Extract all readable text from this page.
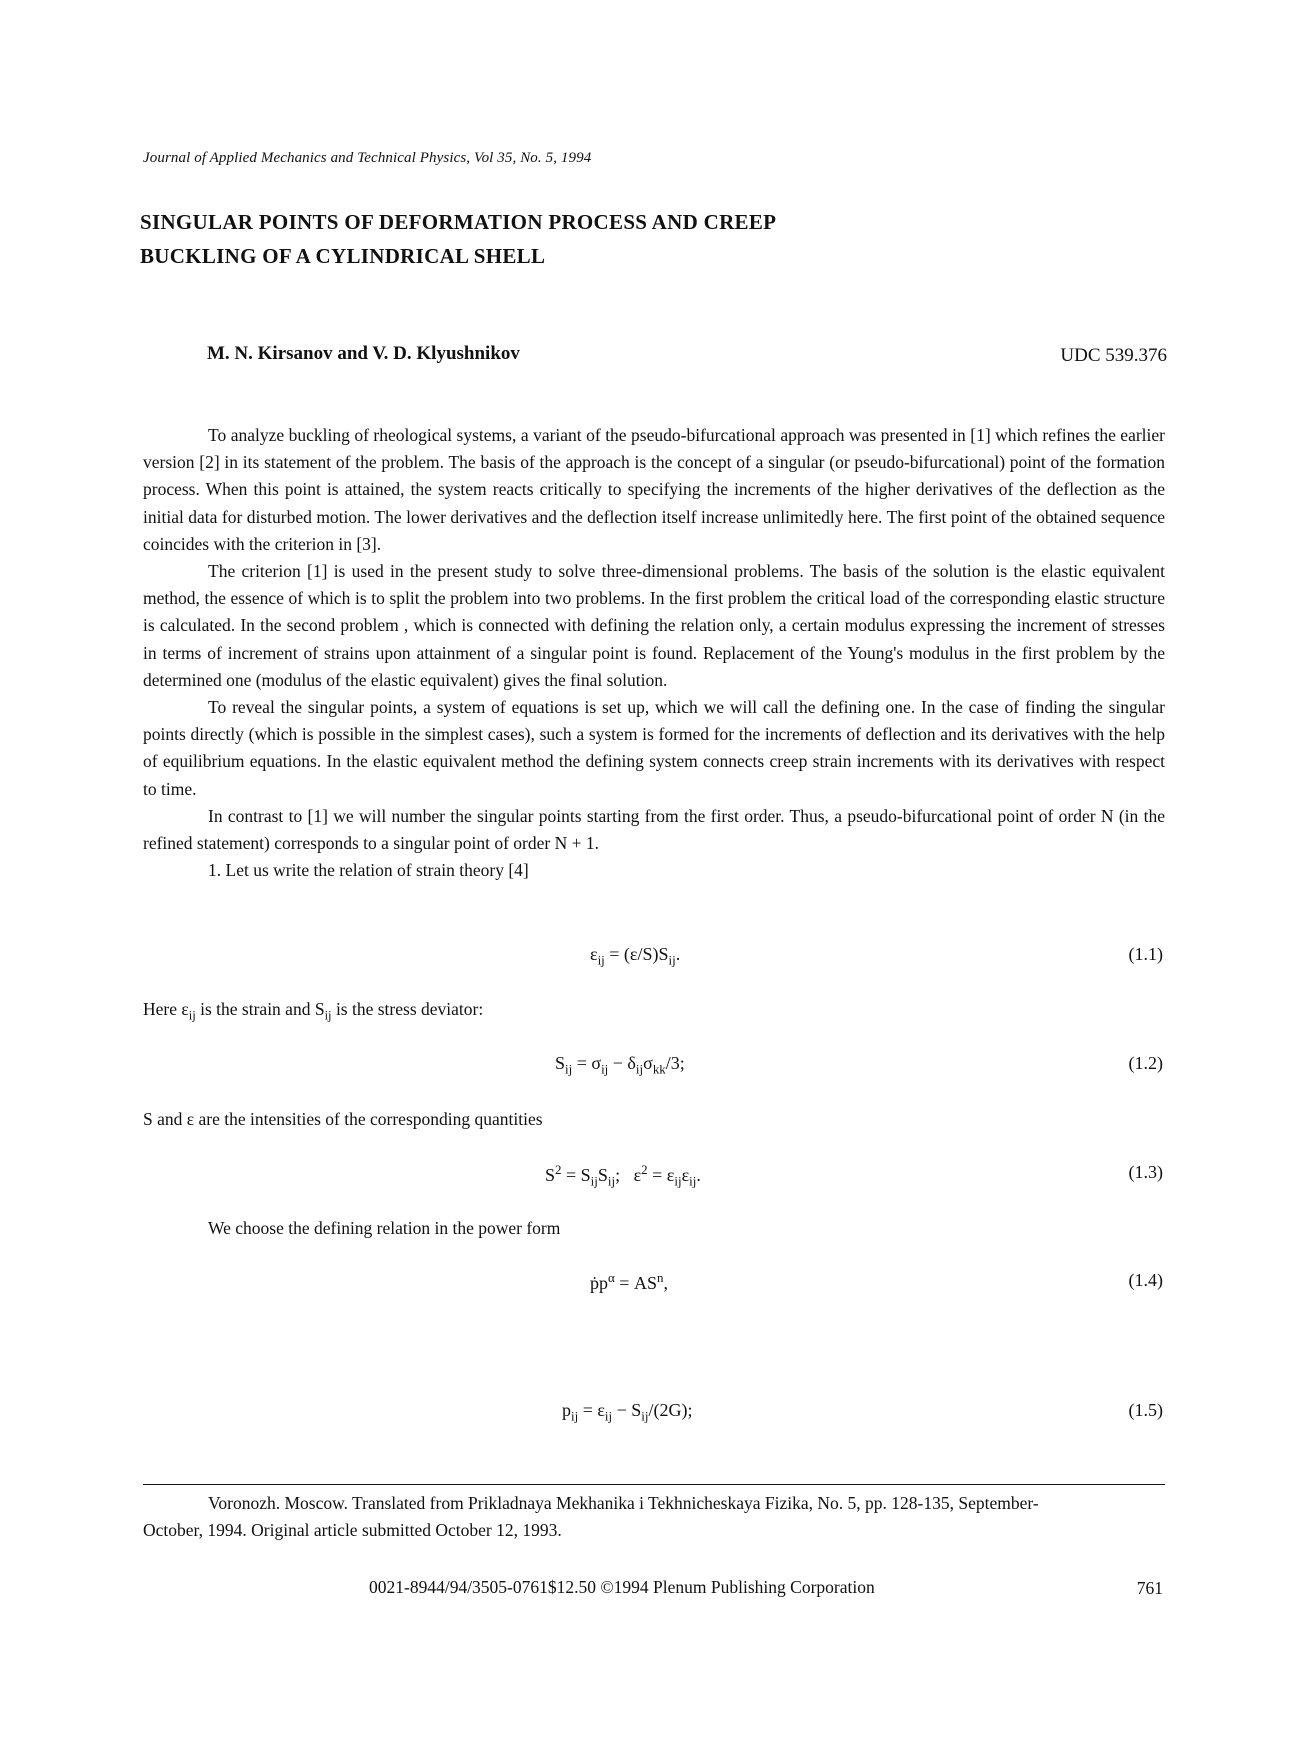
Journal of Applied Mechanics and Technical Physics, Vol 35, No. 5, 1994
SINGULAR POINTS OF DEFORMATION PROCESS AND CREEP
BUCKLING OF A CYLINDRICAL SHELL
M. N. Kirsanov and V. D. Klyushnikov	UDC 539.376

To analyze buckling of rheological systems, a variant of the pseudo-bifurcational approach was presented in [1] which refines the earlier version [2] in its statement of the problem. The basis of the approach is the concept of a singular (or pseudo-bifurcational) point of the formation process. When this point is attained, the system reacts critically to specifying the increments of the higher derivatives of the deflection as the initial data for disturbed motion. The lower derivatives and the deflection itself increase unlimitedly here. The first point of the obtained sequence coincides with the criterion in [3].

The criterion [1] is used in the present study to solve three-dimensional problems. The basis of the solution is the elastic equivalent method, the essence of which is to split the problem into two problems. In the first problem the critical load of the corresponding elastic structure is calculated. In the second problem , which is connected with defining the relation only, a certain modulus expressing the increment of stresses in terms of increment of strains upon attainment of a singular point is found. Replacement of the Young's modulus in the first problem by the determined one (modulus of the elastic equivalent) gives the final solution.

To reveal the singular points, a system of equations is set up, which we will call the defining one. In the case of finding the singular points directly (which is possible in the simplest cases), such a system is formed for the increments of deflection and its derivatives with the help of equilibrium equations. In the elastic equivalent method the defining system connects creep strain increments with its derivatives with respect to time.

In contrast to [1] we will number the singular points starting from the first order. Thus, a pseudo-bifurcational point of order N (in the refined statement) corresponds to a singular point of order N + 1.

1. Let us write the relation of strain theory [4]

$\varepsilon_{ij} = (\varepsilon/S)S_{ij}$.	(1.1)
Here $\varepsilon_{ij}$ is the strain and $S_{ij}$ is the stress deviator:
$S_{ij} = \sigma_{ij} - \delta_{ij}\sigma_{kk}/3$;	(1.2)
S and ε are the intensities of the corresponding quantities
$S^2 = S_{ij}S_{ij}$;   $\varepsilon^2 = \varepsilon_{ij}\varepsilon_{ij}$.	(1.3)
We choose the defining relation in the power form
ṗp$^\alpha$ = $AS^n$,	(1.4)
$p_{ij} = \varepsilon_{ij} - S_{ij}/(2G)$;	(1.5)
Voronozh. Moscow. Translated from Prikladnaya Mekhanika i Tekhnicheskaya Fizika, No. 5, pp. 128-135, September-
October, 1994. Original article submitted October 12, 1993.
0021-8944/94/3505-0761$12.50 ©1994 Plenum Publishing Corporation	761
